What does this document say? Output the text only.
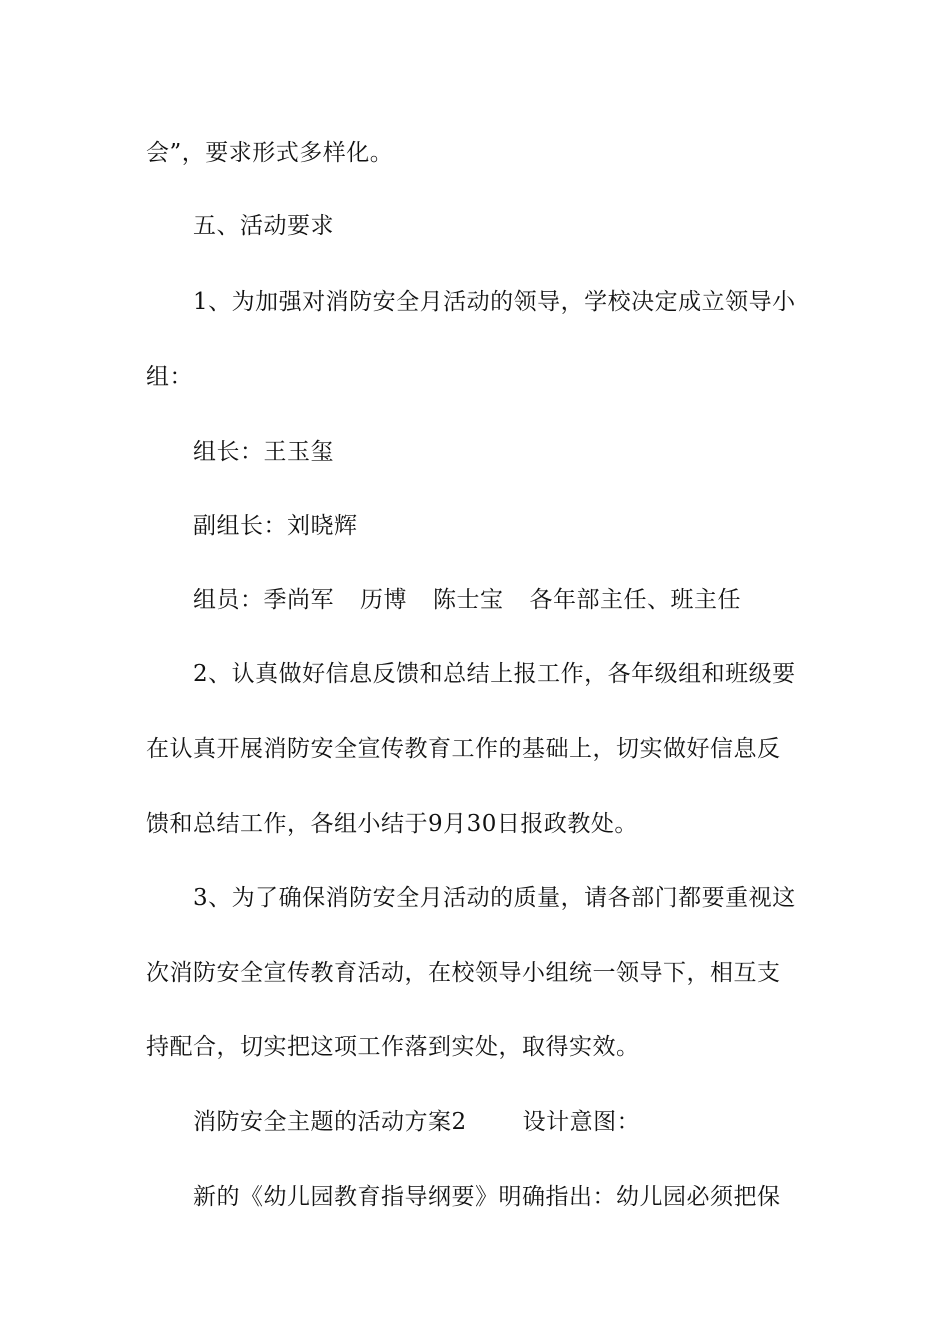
会”，要求形式多样化。
五、活动要求
1、为加强对消防安全月活动的领导，学校决定成立领导小
组：
组长：王玉玺
副组长：刘晓辉
组员：季尚军 历博 陈士宝 各年部主任、班主任
2、认真做好信息反馈和总结上报工作，各年级组和班级要
在认真开展消防安全宣传教育工作的基础上，切实做好信息反
馈和总结工作，各组小结于9月30日报政教处。
3、为了确保消防安全月活动的质量，请各部门都要重视这
次消防安全宣传教育活动，在校领导小组统一领导下，相互支
持配合，切实把这项工作落到实处，取得实效。
消防安全主题的活动方案2 设计意图：
新的《幼儿园教育指导纲要》明确指出：幼儿园必须把保
